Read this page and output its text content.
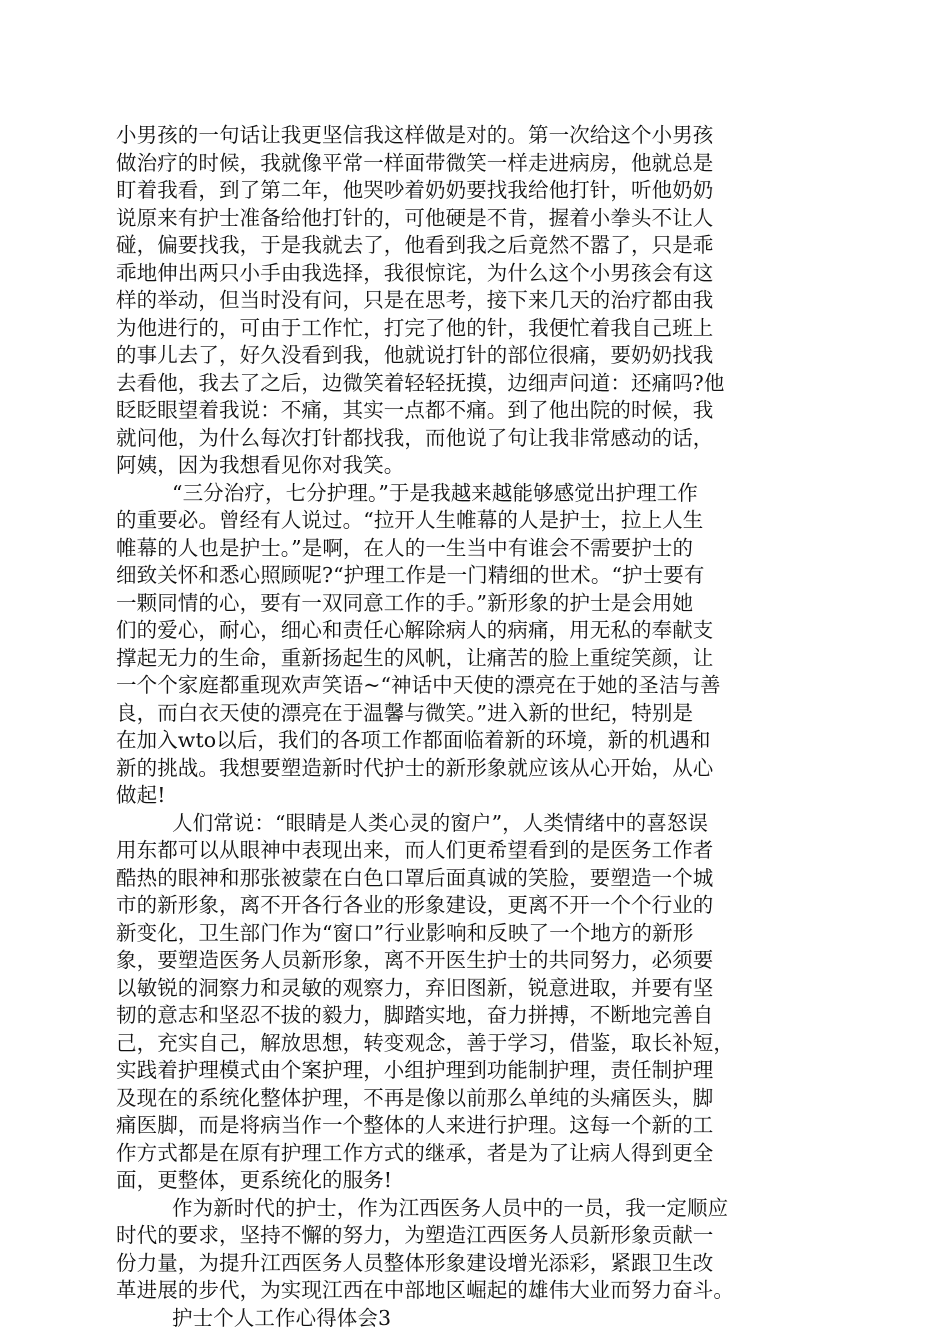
小男孩的一句话让我更坚信我这样做是对的。第一次给这个小男孩
做治疗的时候，我就像平常一样面带微笑一样走进病房，他就总是
盯着我看，到了第二年，他哭吵着奶奶要找我给他打针，听他奶奶
说原来有护士准备给他打针的，可他硬是不肯，握着小拳头不让人
碰，偏要找我，于是我就去了，他看到我之后竟然不嚣了，只是乖
乖地伸出两只小手由我选择，我很惊诧，为什么这个小男孩会有这
样的举动，但当时没有问，只是在思考，接下来几天的治疗都由我
为他进行的，可由于工作忙，打完了他的针，我便忙着我自己班上
的事儿去了，好久没看到我，他就说打针的部位很痛，要奶奶找我
去看他，我去了之后，边微笑着轻轻抚摸，边细声问道：还痛吗?他
眨眨眼望着我说：不痛，其实一点都不痛。到了他出院的时候，我
就问他，为什么每次打针都找我，而他说了句让我非常感动的话，
阿姨，因为我想看见你对我笑。
“三分治疗，七分护理。”于是我越来越能够感觉出护理工作
的重要必。曾经有人说过。“拉开人生帷幕的人是护士，拉上人生
帷幕的人也是护士。”是啊，在人的一生当中有谁会不需要护士的
细致关怀和悉心照顾呢?“护理工作是一门精细的世术。“护士要有
一颗同情的心，要有一双同意工作的手。”新形象的护士是会用她
们的爱心，耐心，细心和责任心解除病人的病痛，用无私的奉献支
撑起无力的生命，重新扬起生的风帆，让痛苦的脸上重绽笑颜，让
一个个家庭都重现欢声笑语~“神话中天使的漂亮在于她的圣洁与善
良，而白衣天使的漂亮在于温馨与微笑。”进入新的世纪，特别是
在加入wto以后，我们的各项工作都面临着新的环境，新的机遇和
新的挑战。我想要塑造新时代护士的新形象就应该从心开始，从心
做起!
人们常说：“眼睛是人类心灵的窗户”，人类情绪中的喜怒误
用东都可以从眼神中表现出来，而人们更希望看到的是医务工作者
酷热的眼神和那张被蒙在白色口罩后面真诚的笑脸，要塑造一个城
市的新形象，离不开各行各业的形象建设，更离不开一个个行业的
新变化，卫生部门作为“窗口”行业影响和反映了一个地方的新形
象，要塑造医务人员新形象，离不开医生护士的共同努力，必须要
以敏锐的洞察力和灵敏的观察力，弃旧图新，锐意进取，并要有坚
韧的意志和坚忍不拔的毅力，脚踏实地，奋力拼搏，不断地完善自
己，充实自己，解放思想，转变观念，善于学习，借鉴，取长补短，
实践着护理模式由个案护理，小组护理到功能制护理，责任制护理
及现在的系统化整体护理，不再是像以前那么单纯的头痛医头，脚
痛医脚，而是将病当作一个整体的人来进行护理。这每一个新的工
作方式都是在原有护理工作方式的继承，者是为了让病人得到更全
面，更整体，更系统化的服务!
作为新时代的护士，作为江西医务人员中的一员，我一定顺应
时代的要求，坚持不懈的努力，为塑造江西医务人员新形象贡献一
份力量，为提升江西医务人员整体形象建设增光添彩，紧跟卫生改
革进展的步代，为实现江西在中部地区崛起的雄伟大业而努力奋斗。
护士个人工作心得体会3
